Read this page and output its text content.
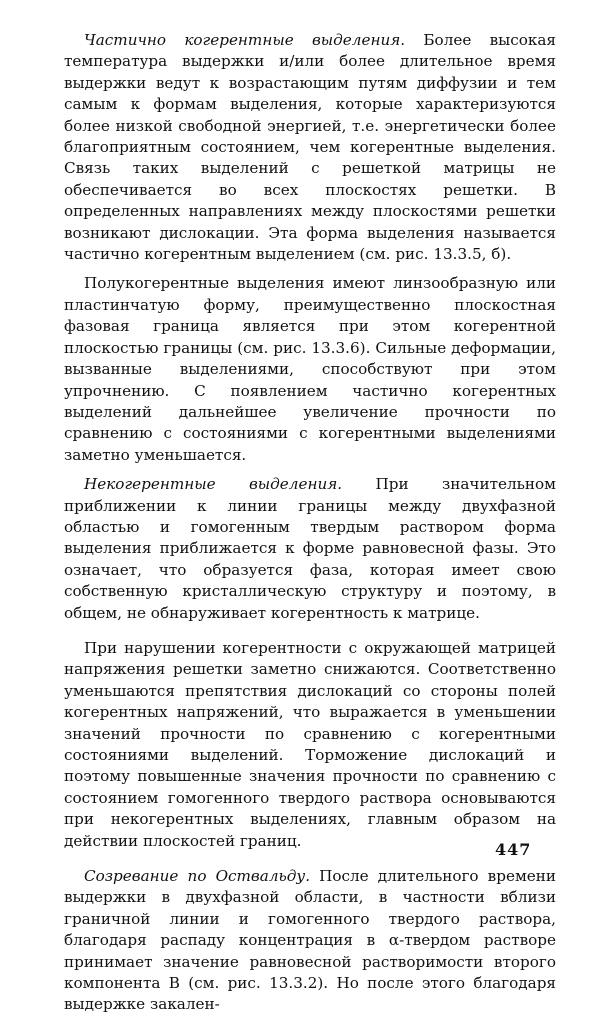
Частично когерентные выделения. Более высокая температура выдержки и/или более длительное время выдержки ведут к возрастающим путям диффузии и тем самым к формам выделения, которые характеризуются более низкой свободной энергией, т.е. энергетически более благоприятным состоянием, чем когерентные выделения. Связь таких выделений с решеткой матрицы не обеспечивается во всех плоскостях решетки. В определенных направлениях между плоскостями решетки возникают дислокации. Эта форма выделения называется частично когерентным выделением (см. рис. 13.3.5, б).

Полукогерентные выделения имеют линзообразную или пластинчатую форму, преимущественно плоскостная фазовая граница является при этом когерентной плоскостью границы (см. рис. 13.3.6). Сильные деформации, вызванные выделениями, способствуют при этом упрочнению. С появлением частично когерентных выделений дальнейшее увеличение прочности по сравнению с состояниями с когерентными выделениями заметно уменьшается.

Некогерентные выделения. При значительном приближении к линии границы между двухфазной областью и гомогенным твердым раствором форма выделения приближается к форме равновесной фазы. Это означает, что образуется фаза, которая имеет свою собственную кристаллическую структуру и поэтому, в общем, не обнаруживает когерентность к матрице.

При нарушении когерентности с окружающей матрицей напряжения решетки заметно снижаются. Соответственно уменьшаются препятствия дислокаций со стороны полей когерентных напряжений, что выражается в уменьшении значений прочности по сравнению с когерентными состояниями выделений. Торможение дислокаций и поэтому повышенные значения прочности по сравнению с состоянием гомогенного твердого раствора основываются при некогерентных выделениях, главным образом на действии плоскостей границ.

Созревание по Оствальду. После длительного времени выдержки в двухфазной области, в частности вблизи граничной линии и гомогенного твердого раствора, благодаря распаду концентрация в α-твердом растворе принимает значение равновесной растворимости второго компонента B (см. рис. 13.3.2). Но после этого благодаря выдержке закален-

447
